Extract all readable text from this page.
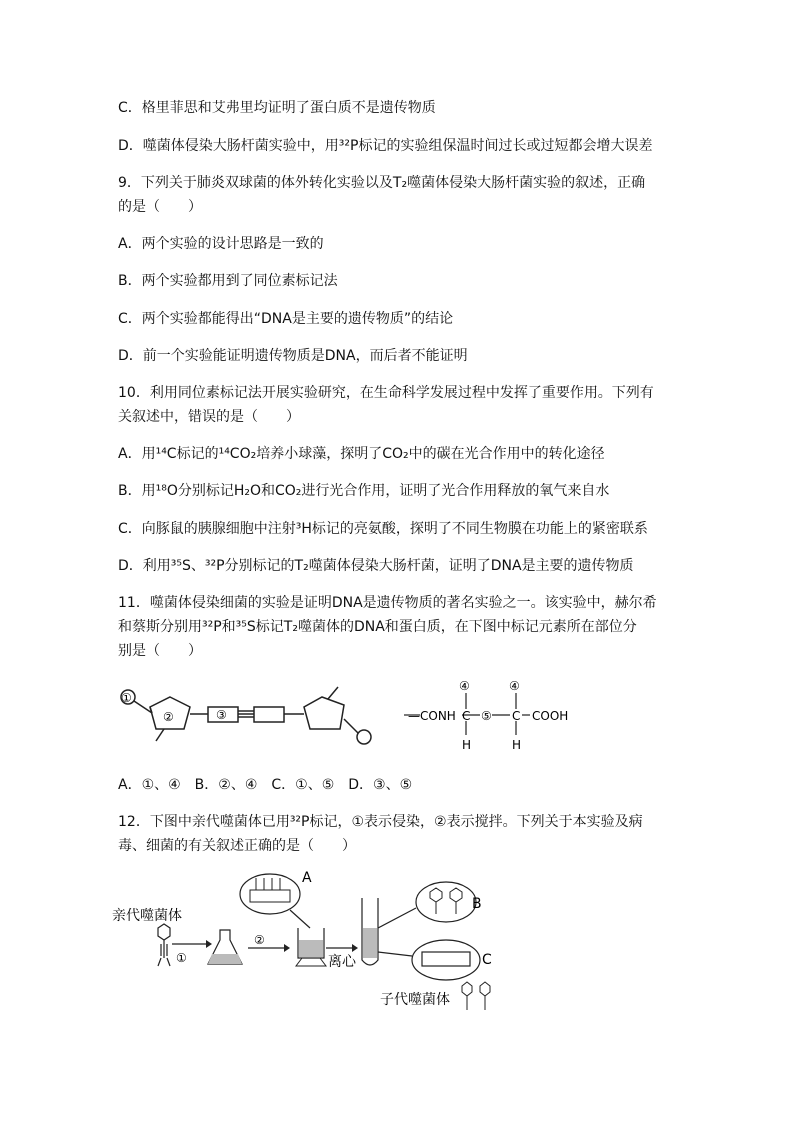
C．格里菲思和艾弗里均证明了蛋白质不是遗传物质
D．噬菌体侵染大肠杆菌实验中，用³²P标记的实验组保温时间过长或过短都会增大误差
9．下列关于肺炎双球菌的体外转化实验以及T₂噬菌体侵染大肠杆菌实验的叙述，正确
的是（　　）
A．两个实验的设计思路是一致的
B．两个实验都用到了同位素标记法
C．两个实验都能得出“DNA是主要的遗传物质”的结论
D．前一个实验能证明遗传物质是DNA，而后者不能证明
10．利用同位素标记法开展实验研究，在生命科学发展过程中发挥了重要作用。下列有
关叙述中，错误的是（　　）
A．用¹⁴C标记的¹⁴CO₂培养小球藻，探明了CO₂中的碳在光合作用中的转化途径
B．用¹⁸O分别标记H₂O和CO₂进行光合作用，证明了光合作用释放的氧气来自水
C．向豚鼠的胰腺细胞中注射³H标记的亮氨酸，探明了不同生物膜在功能上的紧密联系
D．利用³⁵S、³²P分别标记的T₂噬菌体侵染大肠杆菌，证明了DNA是主要的遗传物质
11．噬菌体侵染细菌的实验是证明DNA是遗传物质的著名实验之一。该实验中，赫尔希
和蔡斯分别用³²P和³⁵S标记T₂噬菌体的DNA和蛋白质，在下图中标记元素所在部位分
别是（　　）
①
②	③	—CONH C ⑤ C COOH
④	④
H	H
A．①、④　B．②、④　C．①、⑤　D．③、⑤
12．下图中亲代噬菌体已用³²P标记，①表示侵染，②表示搅拌。下列关于本实验及病
毒、细菌的有关叙述正确的是（　　）
亲代噬菌体
①
②
A
离心
B
C
子代噬菌体
